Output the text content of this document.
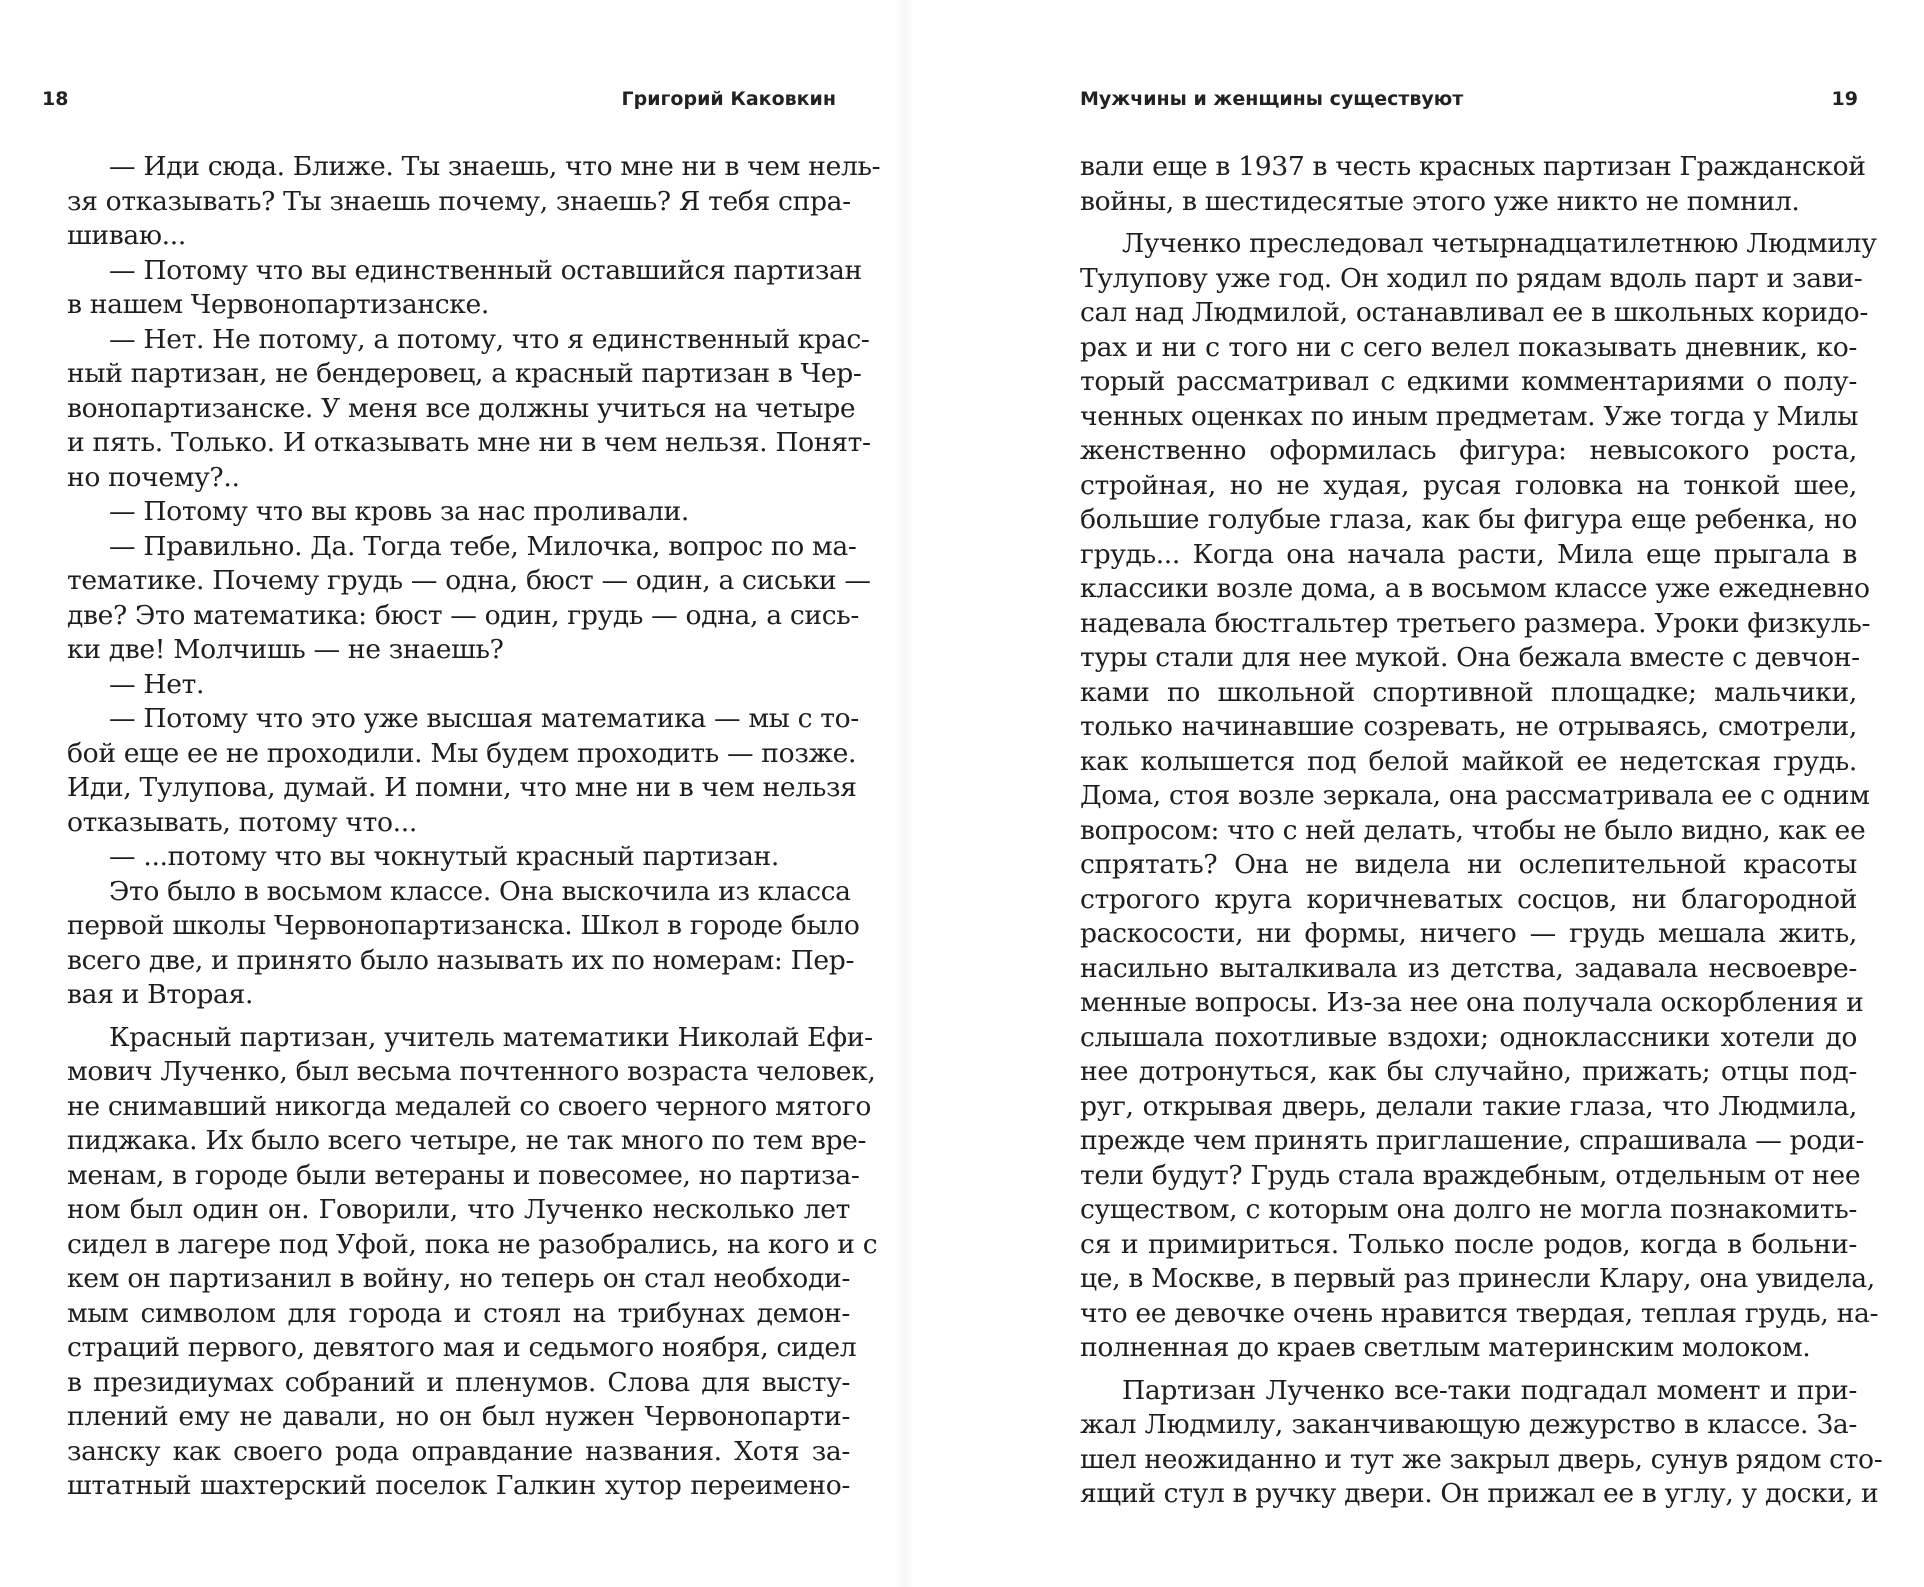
18	Григорий Каковкин
— Иди сюда. Ближе. Ты знаешь, что мне ни в чем нель-
зя отказывать? Ты знаешь почему, знаешь? Я тебя спра-
шиваю...
— Потому что вы единственный оставшийся партизан
в нашем Червонопартизанске.
— Нет. Не потому, а потому, что я единственный крас-
ный партизан, не бендеровец, а красный партизан в Чер-
вонопартизанске. У меня все должны учиться на четыре
и пять. Только. И отказывать мне ни в чем нельзя. Понят-
но почему?..
— Потому что вы кровь за нас проливали.
— Правильно. Да. Тогда тебе, Милочка, вопрос по ма-
тематике. Почему грудь — одна, бюст — один, а сиськи —
две? Это математика: бюст — один, грудь — одна, а сись-
ки две! Молчишь — не знаешь?
— Нет.
— Потому что это уже высшая математика — мы с то-
бой еще ее не проходили. Мы будем проходить — позже.
Иди, Тулупова, думай. И помни, что мне ни в чем нельзя
отказывать, потому что...
— ...потому что вы чокнутый красный партизан.
Это было в восьмом классе. Она выскочила из класса
первой школы Червонопартизанска. Школ в городе было
всего две, и принято было называть их по номерам: Пер-
вая и Вторая.
Красный партизан, учитель математики Николай Ефи-
мович Лученко, был весьма почтенного возраста человек,
не снимавший никогда медалей со своего черного мятого
пиджака. Их было всего четыре, не так много по тем вре-
менам, в городе были ветераны и повесомее, но партиза-
ном был один он. Говорили, что Лученко несколько лет
сидел в лагере под Уфой, пока не разобрались, на кого и с
кем он партизанил в войну, но теперь он стал необходи-
мым символом для города и стоял на трибунах демон-
страций первого, девятого мая и седьмого ноября, сидел
в президиумах собраний и пленумов. Слова для высту-
плений ему не давали, но он был нужен Червонопарти-
занску как своего рода оправдание названия. Хотя за-
штатный шахтерский поселок Галкин хутор переимено-
Мужчины и женщины существуют	19
вали еще в 1937 в честь красных партизан Гражданской
войны, в шестидесятые этого уже никто не помнил.
Лученко преследовал четырнадцатилетнюю Людмилу
Тулупову уже год. Он ходил по рядам вдоль парт и зави-
сал над Людмилой, останавливал ее в школьных коридо-
рах и ни с того ни с сего велел показывать дневник, ко-
торый рассматривал с едкими комментариями о полу-
ченных оценках по иным предметам. Уже тогда у Милы
женственно оформилась фигура: невысокого роста,
стройная, но не худая, русая головка на тонкой шее,
большие голубые глаза, как бы фигура еще ребенка, но
грудь... Когда она начала расти, Мила еще прыгала в
классики возле дома, а в восьмом классе уже ежедневно
надевала бюстгальтер третьего размера. Уроки физкуль-
туры стали для нее мукой. Она бежала вместе с девчон-
ками по школьной спортивной площадке; мальчики,
только начинавшие созревать, не отрываясь, смотрели,
как колышется под белой майкой ее недетская грудь.
Дома, стоя возле зеркала, она рассматривала ее с одним
вопросом: что с ней делать, чтобы не было видно, как ее
спрятать? Она не видела ни ослепительной красоты
строгого круга коричневатых сосцов, ни благородной
раскосости, ни формы, ничего — грудь мешала жить,
насильно выталкивала из детства, задавала несвоевре-
менные вопросы. Из-за нее она получала оскорбления и
слышала похотливые вздохи; одноклассники хотели до
нее дотронуться, как бы случайно, прижать; отцы под-
руг, открывая дверь, делали такие глаза, что Людмила,
прежде чем принять приглашение, спрашивала — роди-
тели будут? Грудь стала враждебным, отдельным от нее
существом, с которым она долго не могла познакомить-
ся и примириться. Только после родов, когда в больни-
це, в Москве, в первый раз принесли Клару, она увидела,
что ее девочке очень нравится твердая, теплая грудь, на-
полненная до краев светлым материнским молоком.
Партизан Лученко все-таки подгадал момент и при-
жал Людмилу, заканчивающую дежурство в классе. За-
шел неожиданно и тут же закрыл дверь, сунув рядом сто-
ящий стул в ручку двери. Он прижал ее в углу, у доски, и
